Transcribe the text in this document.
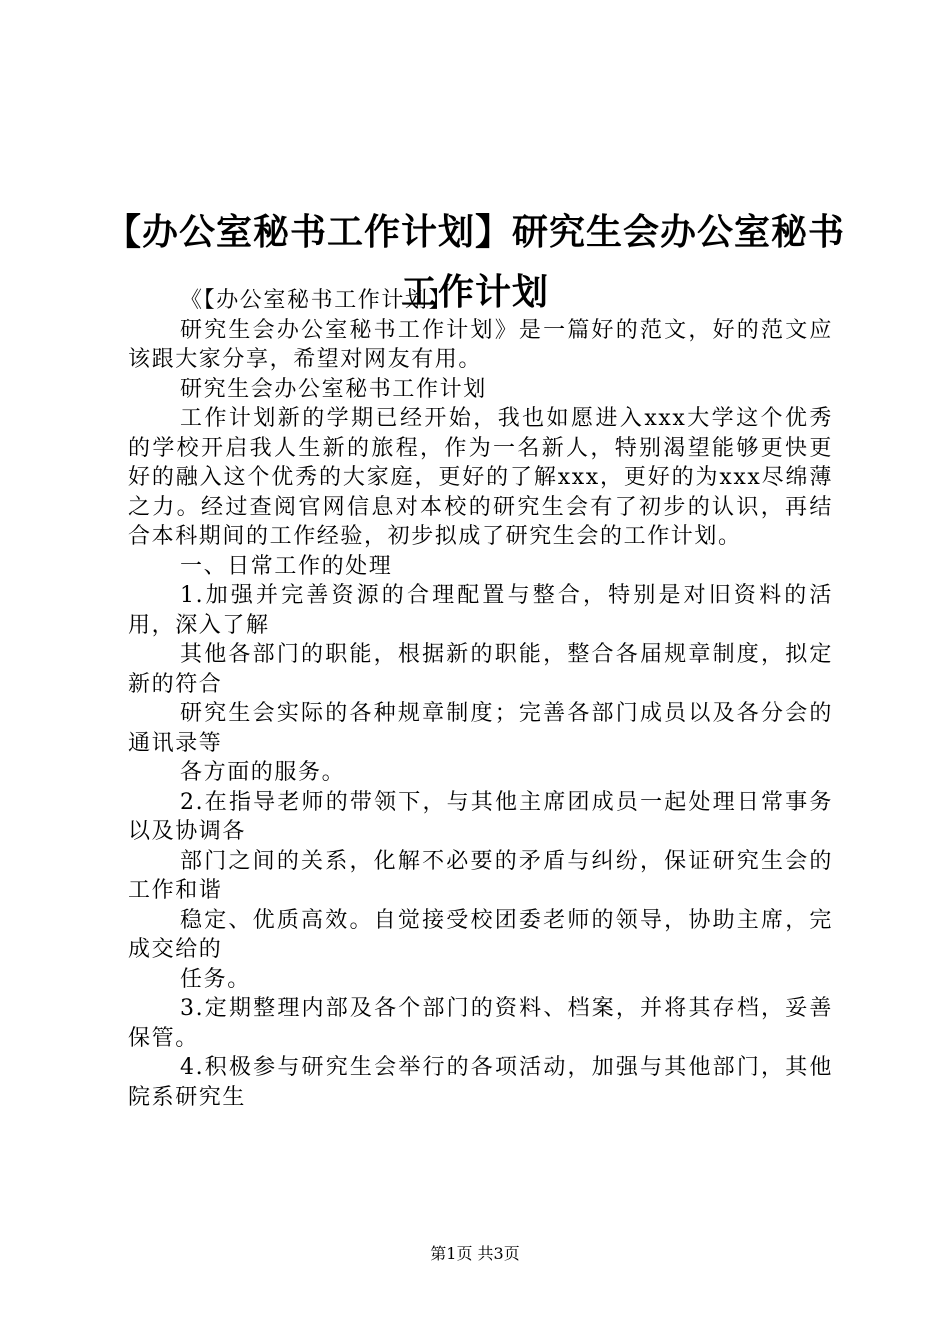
【办公室秘书工作计划】研究生会办公室秘书工作计划

《【办公室秘书工作计划】

研究生会办公室秘书工作计划》是一篇好的范文，好的范文应该跟大家分享，希望对网友有用。

研究生会办公室秘书工作计划

工作计划新的学期已经开始，我也如愿进入xxx大学这个优秀的学校开启我人生新的旅程，作为一名新人，特别渴望能够更快更好的融入这个优秀的大家庭，更好的了解xxx，更好的为xxx尽绵薄之力。经过查阅官网信息对本校的研究生会有了初步的认识，再结合本科期间的工作经验，初步拟成了研究生会的工作计划。

一、日常工作的处理

1.加强并完善资源的合理配置与整合，特别是对旧资料的活用，深入了解

其他各部门的职能，根据新的职能，整合各届规章制度，拟定新的符合

研究生会实际的各种规章制度；完善各部门成员以及各分会的通讯录等

各方面的服务。

2.在指导老师的带领下，与其他主席团成员一起处理日常事务以及协调各

部门之间的关系，化解不必要的矛盾与纠纷，保证研究生会的工作和谐

稳定、优质高效。自觉接受校团委老师的领导，协助主席，完成交给的

任务。

3.定期整理内部及各个部门的资料、档案，并将其存档，妥善保管。

4.积极参与研究生会举行的各项活动，加强与其他部门，其他院系研究生

第1页 共3页
